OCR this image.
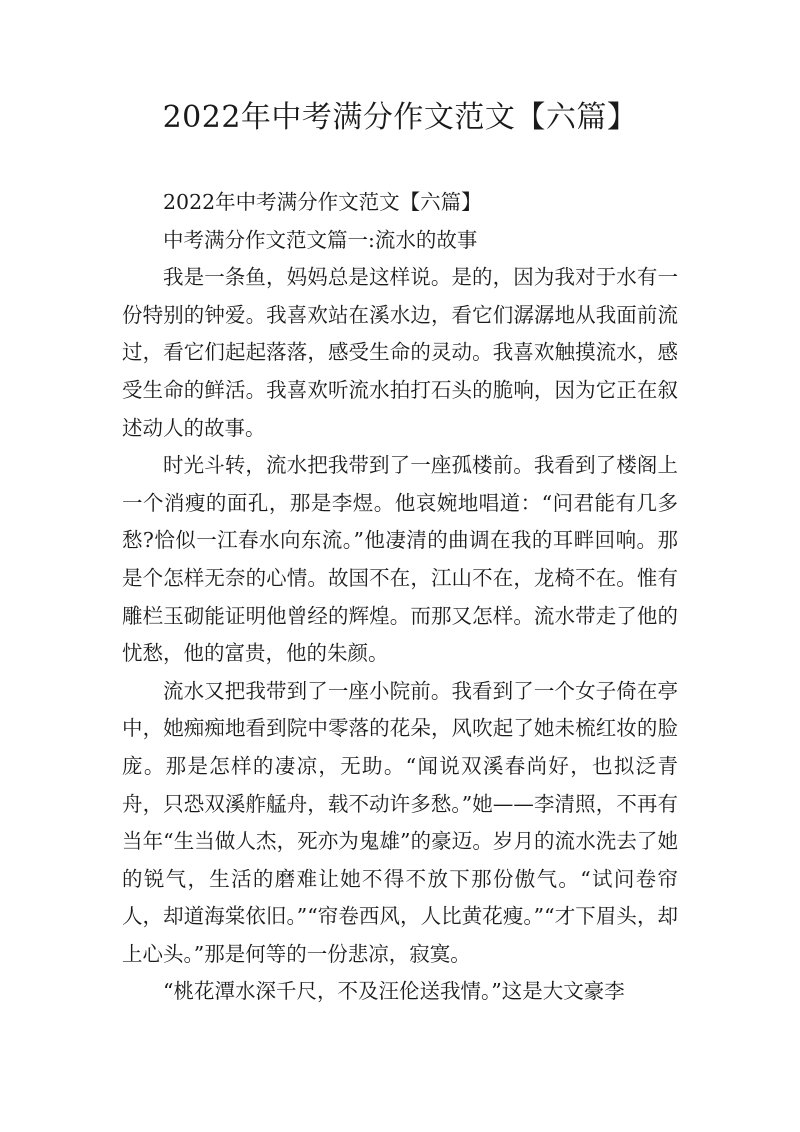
2022年中考满分作文范文【六篇】

2022年中考满分作文范文【六篇】

中考满分作文范文篇一:流水的故事

我是一条鱼，妈妈总是这样说。是的，因为我对于水有一份特别的钟爱。我喜欢站在溪水边，看它们潺潺地从我面前流过，看它们起起落落，感受生命的灵动。我喜欢触摸流水，感受生命的鲜活。我喜欢听流水拍打石头的脆响，因为它正在叙述动人的故事。

时光斗转，流水把我带到了一座孤楼前。我看到了楼阁上一个消瘦的面孔，那是李煜。他哀婉地唱道：“问君能有几多愁?恰似一江春水向东流。”他凄清的曲调在我的耳畔回响。那是个怎样无奈的心情。故国不在，江山不在，龙椅不在。惟有雕栏玉砌能证明他曾经的辉煌。而那又怎样。流水带走了他的忧愁，他的富贵，他的朱颜。

流水又把我带到了一座小院前。我看到了一个女子倚在亭中，她痴痴地看到院中零落的花朵，风吹起了她未梳红妆的脸庞。那是怎样的凄凉，无助。“闻说双溪春尚好，也拟泛青舟，只恐双溪舴艋舟，载不动许多愁。”她——李清照，不再有当年“生当做人杰，死亦为鬼雄”的豪迈。岁月的流水洗去了她的锐气，生活的磨难让她不得不放下那份傲气。“试问卷帘人，却道海棠依旧。”“帘卷西风，人比黄花瘦。”“才下眉头，却上心头。”那是何等的一份悲凉，寂寞。

“桃花潭水深千尺，不及汪伦送我情。”这是大文豪李
